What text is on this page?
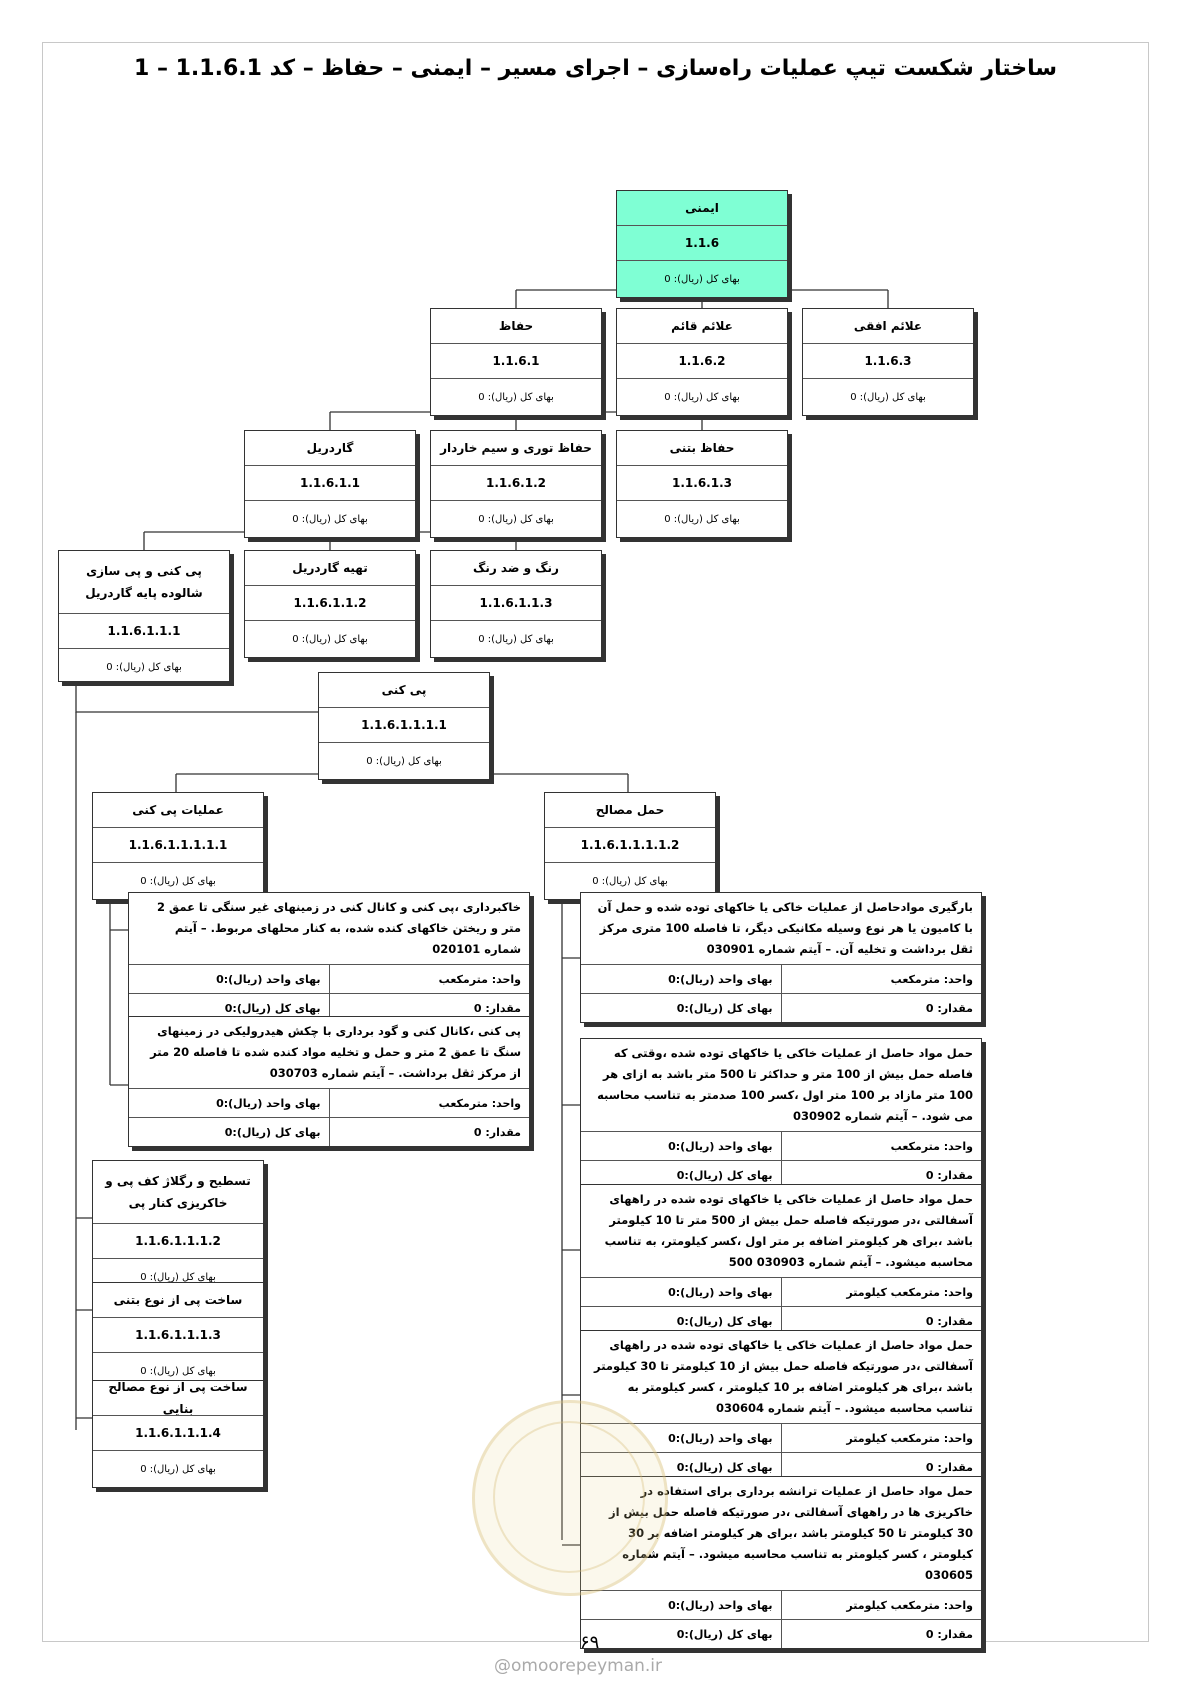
ساختار شکست تیپ عملیات راه‌سازی – اجرای مسیر – ایمنی – حفاظ – کد 1.1.6.1 – 1
ایمنی
1.1.6
بهای کل (ریال): 0
حفاظ
1.1.6.1
بهای کل (ریال): 0
علائم قائم
1.1.6.2
بهای کل (ریال): 0
علائم افقی
1.1.6.3
بهای کل (ریال): 0
گاردریل
1.1.6.1.1
بهای کل (ریال): 0
حفاظ توری و سیم خاردار
1.1.6.1.2
بهای کل (ریال): 0
حفاظ بتنی
1.1.6.1.3
بهای کل (ریال): 0
پی کنی و پی سازی شالوده پایه گاردریل
1.1.6.1.1.1
بهای کل (ریال): 0
تهیه گاردریل
1.1.6.1.1.2
بهای کل (ریال): 0
رنگ و ضد رنگ
1.1.6.1.1.3
بهای کل (ریال): 0
پی کنی
1.1.6.1.1.1.1
بهای کل (ریال): 0
عملیات پی کنی
1.1.6.1.1.1.1.1
بهای کل (ریال): 0
حمل مصالح
1.1.6.1.1.1.1.2
بهای کل (ریال): 0
تسطیح و رگلاژ کف پی و خاکریزی کنار پی
1.1.6.1.1.1.2
بهای کل (ریال): 0
ساخت پی از نوع بتنی
1.1.6.1.1.1.3
بهای کل (ریال): 0
ساخت پی از نوع مصالح بنایی
1.1.6.1.1.1.4
بهای کل (ریال): 0
خاکبرداری ،پی کنی و کانال کنی در زمینهای غیر سنگی تا عمق 2 متر و ریختن خاکهای کنده شده، به کنار محلهای مربوط. – آیتم شماره 020101
واحد: مترمکعب
بهای واحد (ریال):0
مقدار: 0
بهای کل (ریال):0
پی کنی ،کانال کنی و گود برداری با چکش هیدرولیکی در زمینهای سنگ تا عمق 2 متر و حمل و تخلیه مواد کنده شده تا فاصله 20 متر از مرکز ثقل برداشت. – آیتم شماره 030703
واحد: مترمکعب
بهای واحد (ریال):0
مقدار: 0
بهای کل (ریال):0
بارگیری موادحاصل از عملیات خاکی یا خاکهای توده شده و حمل آن با کامیون یا هر نوع وسیله مکانیکی دیگر، تا فاصله 100 متری مرکز ثقل برداشت و تخلیه آن. – آیتم شماره 030901
واحد: مترمکعب
بهای واحد (ریال):0
مقدار: 0
بهای کل (ریال):0
حمل مواد حاصل از عملیات خاکی یا خاکهای توده شده ،وقتی که فاصله حمل بیش از 100 متر و حداکثر تا 500 متر باشد به ازای هر 100 متر مازاد بر 100 متر اول ،کسر 100 صدمتر به تناسب محاسبه می شود. – آیتم شماره 030902
واحد: مترمکعب
بهای واحد (ریال):0
مقدار: 0
بهای کل (ریال):0
حمل مواد حاصل از عملیات خاکی یا خاکهای توده شده در راههای آسفالتی ،در صورتیکه فاصله حمل بیش از 500 متر تا 10 کیلومتر باشد ،برای هر کیلومتر اضافه بر متر اول ،کسر کیلومتر، به تناسب محاسبه میشود. – آیتم شماره 030903 500
واحد: مترمکعب کیلومتر
بهای واحد (ریال):0
مقدار: 0
بهای کل (ریال):0
حمل مواد حاصل از عملیات خاکی یا خاکهای توده شده در راههای آسفالتی ،در صورتیکه فاصله حمل بیش از 10 کیلومتر تا 30 کیلومتر باشد ،برای هر کیلومتر اضافه بر 10 کیلومتر ، کسر کیلومتر به تناسب محاسبه میشود. – آیتم شماره 030604
واحد: مترمکعب کیلومتر
بهای واحد (ریال):0
مقدار: 0
بهای کل (ریال):0
حمل مواد حاصل از عملیات ترانشه برداری برای استفاده در خاکریزی ها در راههای آسفالتی ،در صورتیکه فاصله حمل بیش از 30 کیلومتر تا 50 کیلومتر باشد ،برای هر کیلومتر اضافه بر 30 کیلومتر ، کسر کیلومتر به تناسب محاسبه میشود. – آیتم شماره 030605
واحد: مترمکعب کیلومتر
بهای واحد (ریال):0
مقدار: 0
بهای کل (ریال):0
۶۹
@omoorepeyman.ir
